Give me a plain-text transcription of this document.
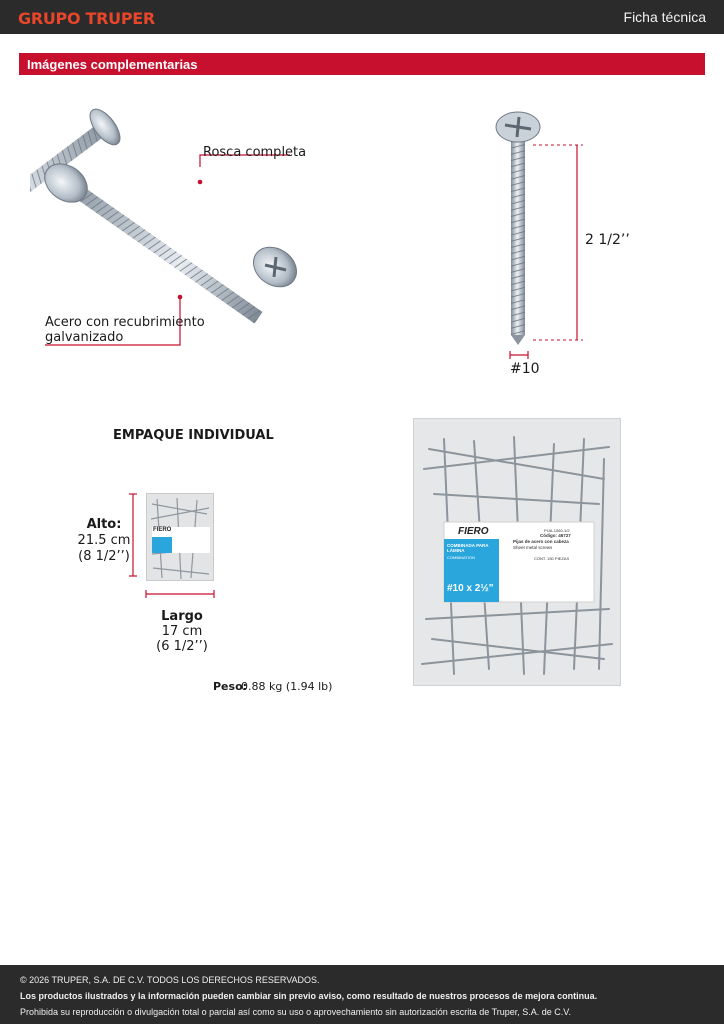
GRUPO TRUPER	Ficha técnica
Imágenes complementarias
Rosca completa
Acero con recubrimiento
galvanizado
2 1/2’’
#10
EMPAQUE INDIVIDUAL
Alto:
21.5 cm
(8 1/2’’)
FIERO
Largo
17 cm
(6 1/2’’)
Peso:
0.88 kg (1.94 lb)
FIERO	PIJA-1060-1/2
Código: 46727
Pijas de acero con cabeza
Sheet metal screws
COMBINADA PARA LÁMINA
COMBINATION	CONT. 150 PIEZAS
#10 x 2½"
© 2026 TRUPER, S.A. DE C.V. TODOS LOS DERECHOS RESERVADOS.
Los productos ilustrados y la información pueden cambiar sin previo aviso, como resultado de nuestros procesos de mejora continua.
Prohibida su reproducción o divulgación total o parcial así como su uso o aprovechamiento sin autorización escrita de Truper, S.A. de C.V.
